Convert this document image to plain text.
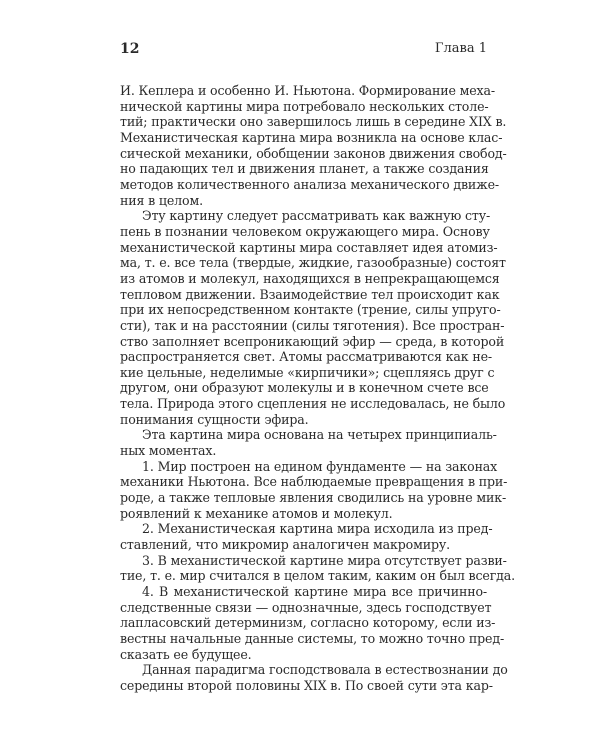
12	Глава 1
И. Кеплера и особенно И. Ньютона. Формирование меха-
нической картины мира потребовало нескольких столе-
тий; практически оно завершилось лишь в середине XIX в.
Механистическая картина мира возникла на основе клас-
сической механики, обобщении законов движения свобод-
но падающих тел и движения планет, а также создания
методов количественного анализа механического движе-
ния в целом.
Эту картину следует рассматривать как важную сту-
пень в познании человеком окружающего мира. Основу
механистической картины мира составляет идея атомиз-
ма, т. е. все тела (твердые, жидкие, газообразные) состоят
из атомов и молекул, находящихся в непрекращающемся
тепловом движении. Взаимодействие тел происходит как
при их непосредственном контакте (трение, силы упруго-
сти), так и на расстоянии (силы тяготения). Все простран-
ство заполняет всепроникающий эфир — среда, в которой
распространяется свет. Атомы рассматриваются как не-
кие цельные, неделимые «кирпичики»; сцепляясь друг с
другом, они образуют молекулы и в конечном счете все
тела. Природа этого сцепления не исследовалась, не было
понимания сущности эфира.
Эта картина мира основана на четырех принципиаль-
ных моментах.
1. Мир построен на едином фундаменте — на законах
механики Ньютона. Все наблюдаемые превращения в при-
роде, а также тепловые явления сводились на уровне мик-
роявлений к механике атомов и молекул.
2. Механистическая картина мира исходила из пред-
ставлений, что микромир аналогичен макромиру.
3. В механистической картине мира отсутствует разви-
тие, т. е. мир считался в целом таким, каким он был всегда.
4. В механистической картине мира все причинно-
следственные связи — однозначные, здесь господствует
лапласовский детерминизм, согласно которому, если из-
вестны начальные данные системы, то можно точно пред-
сказать ее будущее.
Данная парадигма господствовала в естествознании до
середины второй половины XIX в. По своей сути эта кар-
